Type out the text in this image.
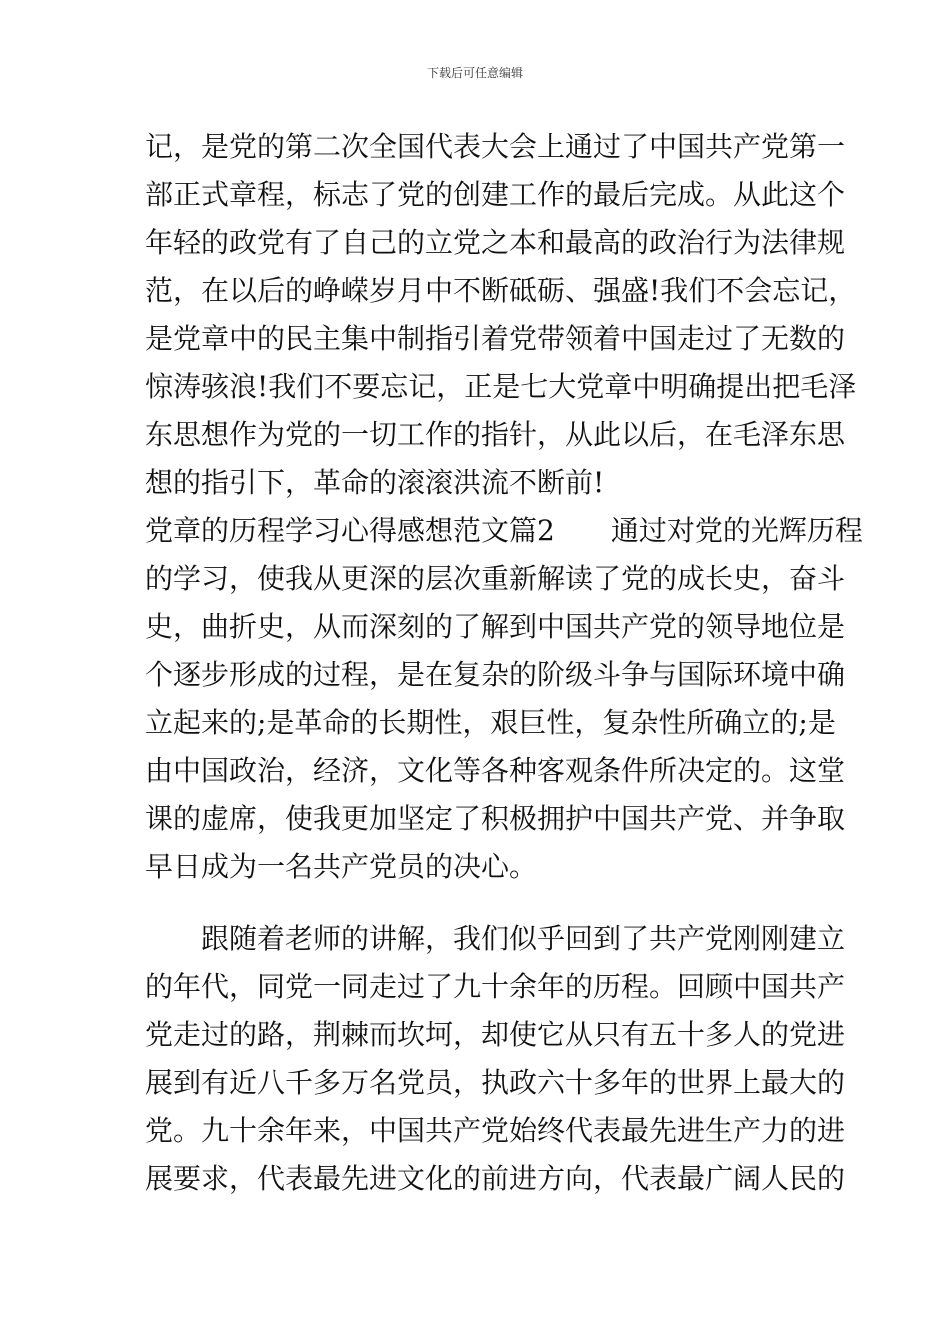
下载后可任意编辑
记，是党的第二次全国代表大会上通过了中国共产党第一
部正式章程，标志了党的创建工作的最后完成。从此这个
年轻的政党有了自己的立党之本和最高的政治行为法律规
范，在以后的峥嵘岁月中不断砥砺、强盛!我们不会忘记，
是党章中的民主集中制指引着党带领着中国走过了无数的
惊涛骇浪!我们不要忘记，正是七大党章中明确提出把毛泽
东思想作为党的一切工作的指针，从此以后，在毛泽东思
想的指引下，革命的滚滚洪流不断前!
党章的历程学习心得感想范文篇2 通过对党的光辉历程
的学习，使我从更深的层次重新解读了党的成长史，奋斗
史，曲折史，从而深刻的了解到中国共产党的领导地位是
个逐步形成的过程，是在复杂的阶级斗争与国际环境中确
立起来的;是革命的长期性，艰巨性，复杂性所确立的;是
由中国政治，经济，文化等各种客观条件所决定的。这堂
课的虚席，使我更加坚定了积极拥护中国共产党、并争取
早日成为一名共产党员的决心。
跟随着老师的讲解，我们似乎回到了共产党刚刚建立
的年代，同党一同走过了九十余年的历程。回顾中国共产
党走过的路，荆棘而坎坷，却使它从只有五十多人的党进
展到有近八千多万名党员，执政六十多年的世界上最大的
党。九十余年来，中国共产党始终代表最先进生产力的进
展要求，代表最先进文化的前进方向，代表最广阔人民的
